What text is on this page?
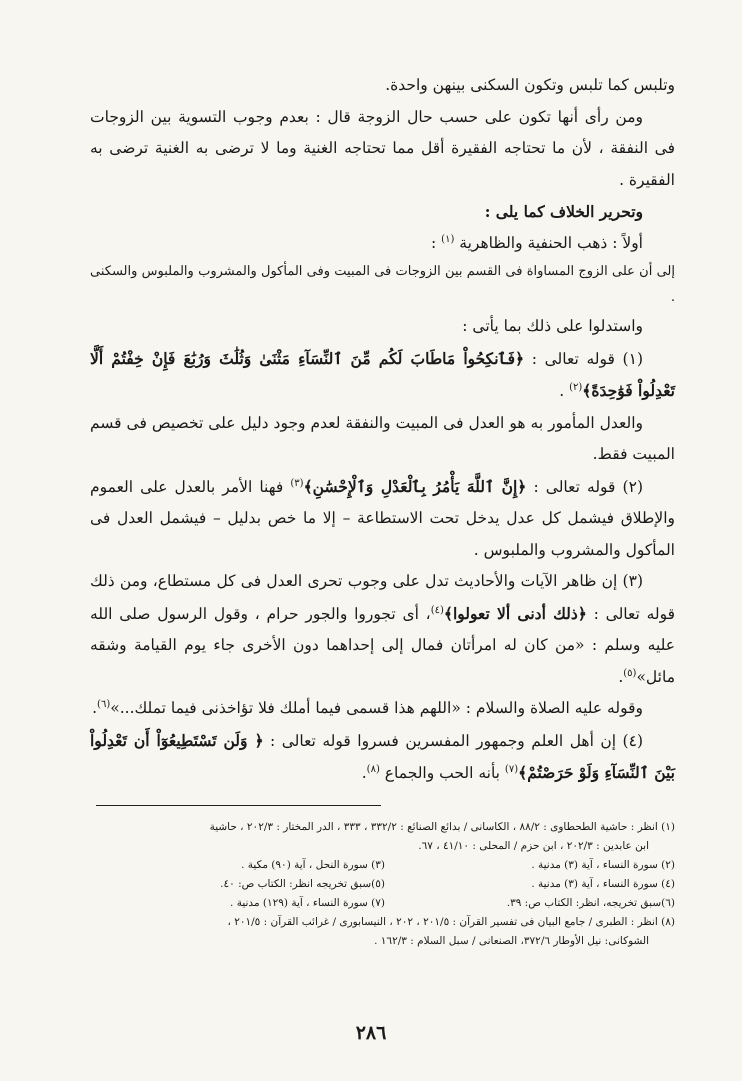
وتلبس كما تلبس وتكون السكنى بينهن واحدة.

ومن رأى أنها تكون على حسب حال الزوجة قال : بعدم وجوب التسوية بين الزوجات فى النفقة ، لأن ما تحتاجه الفقيرة أقل مما تحتاجه الغنية وما لا ترضى به الغنية ترضى به الفقيرة .

وتحرير الخلاف كما يلى :

أولاً : ذهب الحنفية والظاهرية $^{(١)}$ :

إلى أن على الزوج المساواة فى القسم بين الزوجات فى المبيت وفى المأكول والمشروب والملبوس والسكنى .

واستدلوا على ذلك بما يأتى :

(١) قوله تعالى : ﴿فَٱنكِحُواْ مَاطَابَ لَكُم مِّنَ ٱلنِّسَآءِ مَثْنَىٰ وَثُلَٰثَ وَرُبَٰعَ فَإِنْ خِفْتُمْ أَلَّا تَعْدِلُواْ فَوَٰحِدَةً﴾$^{(٢)}$ .

والعدل المأمور به هو العدل فى المبيت والنفقة لعدم وجود دليل على تخصيص فى قسم المبيت فقط.

(٢) قوله تعالى : ﴿إِنَّ ٱللَّهَ يَأْمُرُ بِٱلْعَدْلِ وَٱلْإِحْسَٰنِ﴾$^{(٣)}$ فهنا الأمر بالعدل على العموم والإطلاق فيشمل كل عدل يدخل تحت الاستطاعة – إلا ما خص بدليل – فيشمل العدل فى المأكول والمشروب والملبوس .

(٣) إن ظاهر الآيات والأحاديث تدل على وجوب تحرى العدل فى كل مستطاع، ومن ذلك قوله تعالى : ﴿ذلك أدنى ألا تعولوا﴾$^{(٤)}$، أى تجوروا والجور حرام ، وقول الرسول صلى الله عليه وسلم : «من كان له امرأتان فمال إلى إحداهما دون الأخرى جاء يوم القيامة وشقه مائل»$^{(٥)}$.

وقوله عليه الصلاة والسلام : «اللهم هذا قسمى فيما أملك فلا تؤاخذنى فيما تملك...»$^{(٦)}$.

(٤) إن أهل العلم وجمهور المفسرين فسروا قوله تعالى : ﴿ وَلَن تَسْتَطِيعُوٓاْ أَن تَعْدِلُواْ بَيْنَ ٱلنِّسَآءِ وَلَوْ حَرَصْتُمْ﴾$^{(٧)}$ بأنه الحب والجماع $^{(٨)}$.

(١) انظر : حاشية الطحطاوى : ٨٨/٢ ، الكاسانى / بدائع الصنائع : ٣٣٢/٢ ، ٣٣٣ ، الدر المختار : ٢٠٢/٣ ، حاشية

ابن عابدين : ٢٠٢/٣ ، ابن حزم / المحلى : ٤١/١٠ ، ٦٧.

(٢) سورة النساء ، آية (٣) مدنية .
(٣) سورة النحل ، آية (٩٠) مكية .
(٤) سورة النساء ، آية (٣) مدنية .
(٥)سبق تخريجه انظر: الكتاب ص: ٤٠.
(٦)سبق تخريجه، انظر: الكتاب ص: ٣٩.
(٧) سورة النساء ، آية (١٢٩) مدنية .

(٨) انظر : الطبرى / جامع البيان فى تفسير القرآن : ٢٠١/٥ ، ٢٠٢ ، النيسابورى / غرائب القرآن : ٢٠١/٥ ،

الشوكانى: نيل الأوطار ٣٧٢/٦، الصنعانى / سبل السلام : ١٦٢/٣ .

٢٨٦
